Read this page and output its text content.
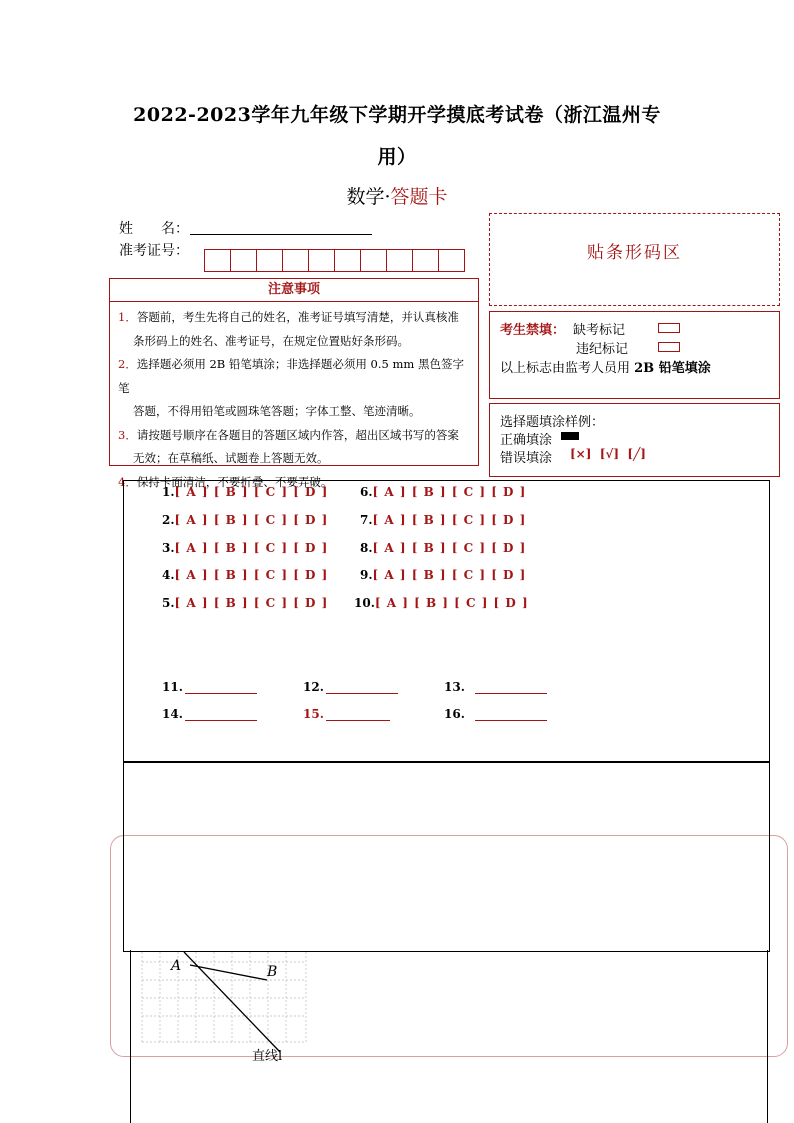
2022-2023学年九年级下学期开学摸底考试卷（浙江温州专
用）
数学·答题卡
姓　　名：
准考证号：	贴条形码区
注意事项
1．答题前，考生先将自己的姓名，准考证号填写清楚，并认真核准
条形码上的姓名、准考证号，在规定位置贴好条形码。
2．选择题必须用 2B 铅笔填涂；非选择题必须用 0.5 mm 黑色签字笔
答题，不得用铅笔或圆珠笔答题；字体工整、笔迹清晰。
3．请按题号顺序在各题目的答题区域内作答，超出区域书写的答案
无效；在草稿纸、试题卷上答题无效。
4．保持卡面清洁，不要折叠、不要弄破。
考生禁填： 缺考标记
违纪标记
以上标志由监考人员用 2B 铅笔填涂
选择题填涂样例：
正确填涂
错误填涂 [×] [√] [╱]
1.[ A ] [ B ] [ C ] [ D ]
2.[ A ] [ B ] [ C ] [ D ]
3.[ A ] [ B ] [ C ] [ D ]
4.[ A ] [ B ] [ C ] [ D ]
5.[ A ] [ B ] [ C ] [ D ]
6.[ A ] [ B ] [ C ] [ D ]
7.[ A ] [ B ] [ C ] [ D ]
8.[ A ] [ B ] [ C ] [ D ]
9.[ A ] [ B ] [ C ] [ D ]
10.[ A ] [ B ] [ C ] [ D ]
11.	12.	13.
14.	15.	16.
A	B
直线l
